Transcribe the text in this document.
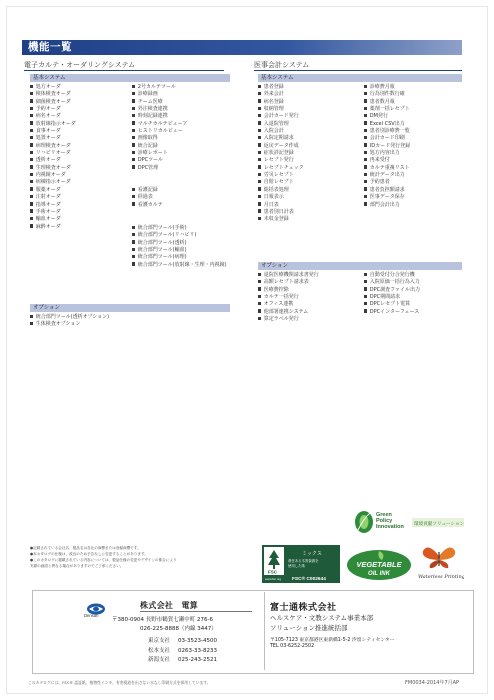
機能一覧
電子カルテ・オーダリングシステム
基本システム
処方オーダ
検体検査オーダ
細菌検査オーダ
予約オーダ
病名オーダ
放射線指示オーダ
食事オーダ
処置オーダ
病理検査オーダ
リハビリオーダ
透析オーダ
生理検査オーダ
内視鏡オーダ
病棟指示オーダ
服薬オーダ
注射オーダ
指導オーダ
手術オーダ
輸血オーダ
麻酔オーダ
2号カルテツール
診療録画
チーム医療
外注検査連携
時刻記録連携
マルチカルテビューア
ヒストリカルビュー
画像取得
統合記録
診療レポート
DPCツール
DPC管理
看護記録
経過表
看護カルテ
統合部門ツール(手術)
統合部門ツール(リハビリ)
統合部門ツール(透析)
統合部門ツール(輸血)
統合部門ツール(病理)
統合部門ツール(放射線・生理・内視鏡)
オプション
統合部門ツール(透析オプション)
生体検査オプション
医事会計システム
基本システム
患者登録
外来会計
病名登録
収納管理
会計カード発行
入退院管理
入院会計
入院定期請求
返戻データ作成
症状詳記登録
レセプト発行
レセプトチェック
労災レセプト
自賠レセプト
総括表処理
日報表示
月日表
患者別日計表
未収金登録
診療費月報
行為別件数行確
患者数月報
薬剤一括レセプト
DM発行
Excel CSV出力
患者別診療費一覧
会計カード印刷
IDカード発行登録
処方内容出力
再来受付
カルテ重複リスト
統計データ出力
予約患者
患者負担額請求
医事データ保存
部門会計出力
オプション
退院医療機関請求書発行
高額レセプト請求表
医療費控除
カルテ一括発行
オフィス連携
他部署連携システム
算定ラベル発行
自動受付分合発行機
入院原価一括行為入力
DPC調査ファイル出力
DPC期間請求
DPCレセプト電算
DPCインターフェース
Green
Policy
Innovation 環境貢献ソリューション

●記載されている会社名、製品名は各社の商標または登録商標です。

●本カタログの仕様は、改良のため予告なしに変更することがあります。

●このカタログに掲載されている内容については、製品仕様の変更やデザインの都合により

実際の画面と異なる場合がありますのでご了承ください。

FSC
ミックス
責任ある木質資源を
使用した紙
www.fsc.org FSC® C002644
VEGETABLE
OIL INK	Waterless Printing
Densan
株式会社　電算
〒380-0904 長野市鶴賀七瀬中町 276-6
026-225-8888（内線 3447）
東京支社 03-3523-4500
松本支社 0263-33-8233
新潟支社 025-243-2521
富士通株式会社
ヘルスケア・文教システム事業本部
ソリューション推進統括部
〒105-7123 東京都港区東新橋1-5-2 汐留シティセンター
TEL 03-6252-2502
このカタログには、FSC® 認証紙、植物性インキ、有害廃液を出さない水なし印刷方式を採用しています。	FM0034-2014年7月AP
